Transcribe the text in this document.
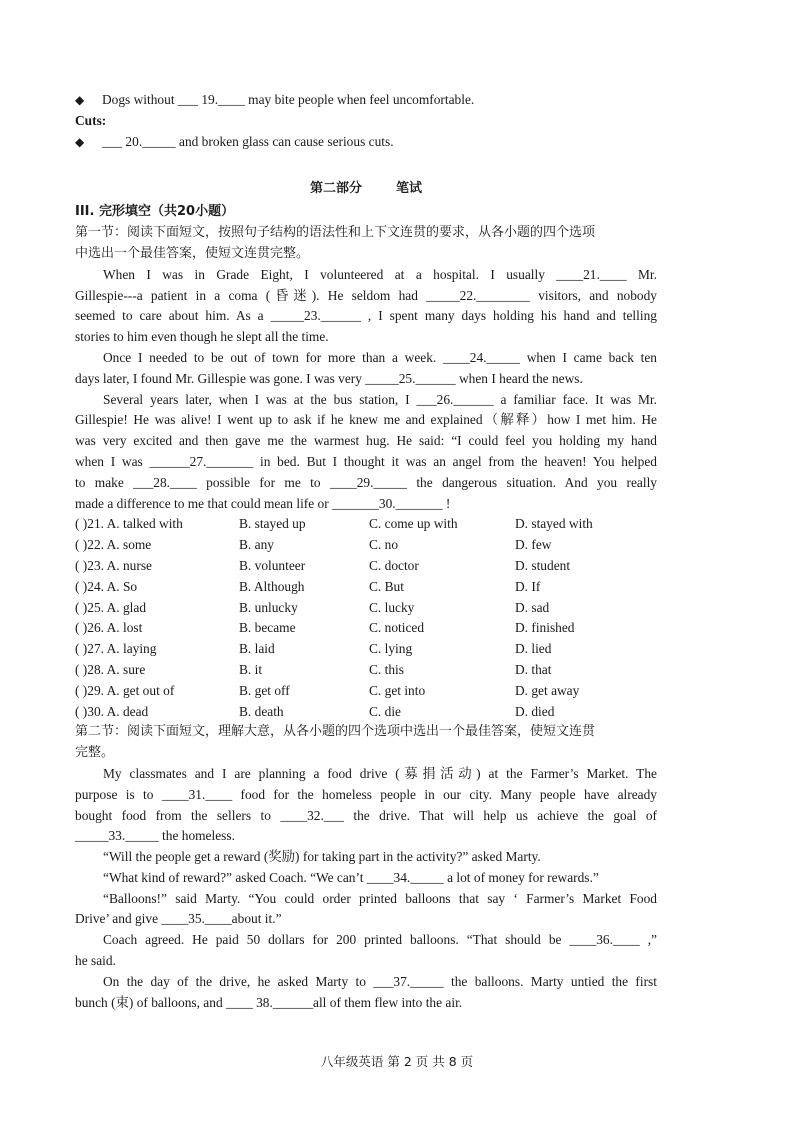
◆ Dogs without ___ 19.____ may bite people when feel uncomfortable.
Cuts:
◆ ___ 20._____ and broken glass can cause serious cuts.
第二部分	笔试
III. 完形填空（共20小题）
第一节：阅读下面短文，按照句子结构的语法性和上下文连贯的要求，从各小题的四个选项
中选出一个最佳答案，使短文连贯完整。

When I was in Grade Eight, I volunteered at a hospital. I usually ____21.____ Mr.

Gillespie---a patient in a coma (昏迷). He seldom had _____22.________ visitors, and nobody

seemed to care about him. As a _____23.______ , I spent many days holding his hand and telling

stories to him even though he slept all the time.

Once I needed to be out of town for more than a week. ____24._____ when I came back ten

days later, I found Mr. Gillespie was gone. I was very _____25.______ when I heard the news.

Several years later, when I was at the bus station, I ___26.______ a familiar face. It was Mr.

Gillespie! He was alive! I went up to ask if he knew me and explained（解释）how I met him. He

was very excited and then gave me the warmest hug. He said: “I could feel you holding my hand

when I was ______27._______ in bed. But I thought it was an angel from the heaven! You helped

to make ___28.____ possible for me to ____29._____ the dangerous situation. And you really

made a difference to me that could mean life or _______30._______ !

( )21. A. talked with	B. stayed up	C. come up with	D. stayed with
( )22. A. some	B. any	C. no	D. few
( )23. A. nurse	B. volunteer	C. doctor	D. student
( )24. A. So	B. Although	C. But	D. If
( )25. A. glad	B. unlucky	C. lucky	D. sad
( )26. A. lost	B. became	C. noticed	D. finished
( )27. A. laying	B. laid	C. lying	D. lied
( )28. A. sure	B. it	C. this	D. that
( )29. A. get out of	B. get off	C. get into	D. get away
( )30. A. dead	B. death	C. die	D. died
第二节：阅读下面短文，理解大意，从各小题的四个选项中选出一个最佳答案，使短文连贯
完整。

My classmates and I are planning a food drive (募捐活动) at the Farmer’s Market. The

purpose is to ____31.____ food for the homeless people in our city. Many people have already

bought food from the sellers to ____32.___ the drive. That will help us achieve the goal of

_____33._____ the homeless.

“Will the people get a reward (奖励) for taking part in the activity?” asked Marty.

“What kind of reward?” asked Coach. “We can’t ____34._____ a lot of money for rewards.”

“Balloons!” said Marty. “You could order printed balloons that say ‘ Farmer’s Market Food

Drive’ and give ____35.____about it.”

Coach agreed. He paid 50 dollars for 200 printed balloons. “That should be ____36.____ ,”

he said.

On the day of the drive, he asked Marty to ___37._____ the balloons. Marty untied the first

bunch (束) of balloons, and ____ 38.______all of them flew into the air.

八年级英语 第 2 页 共 8 页
